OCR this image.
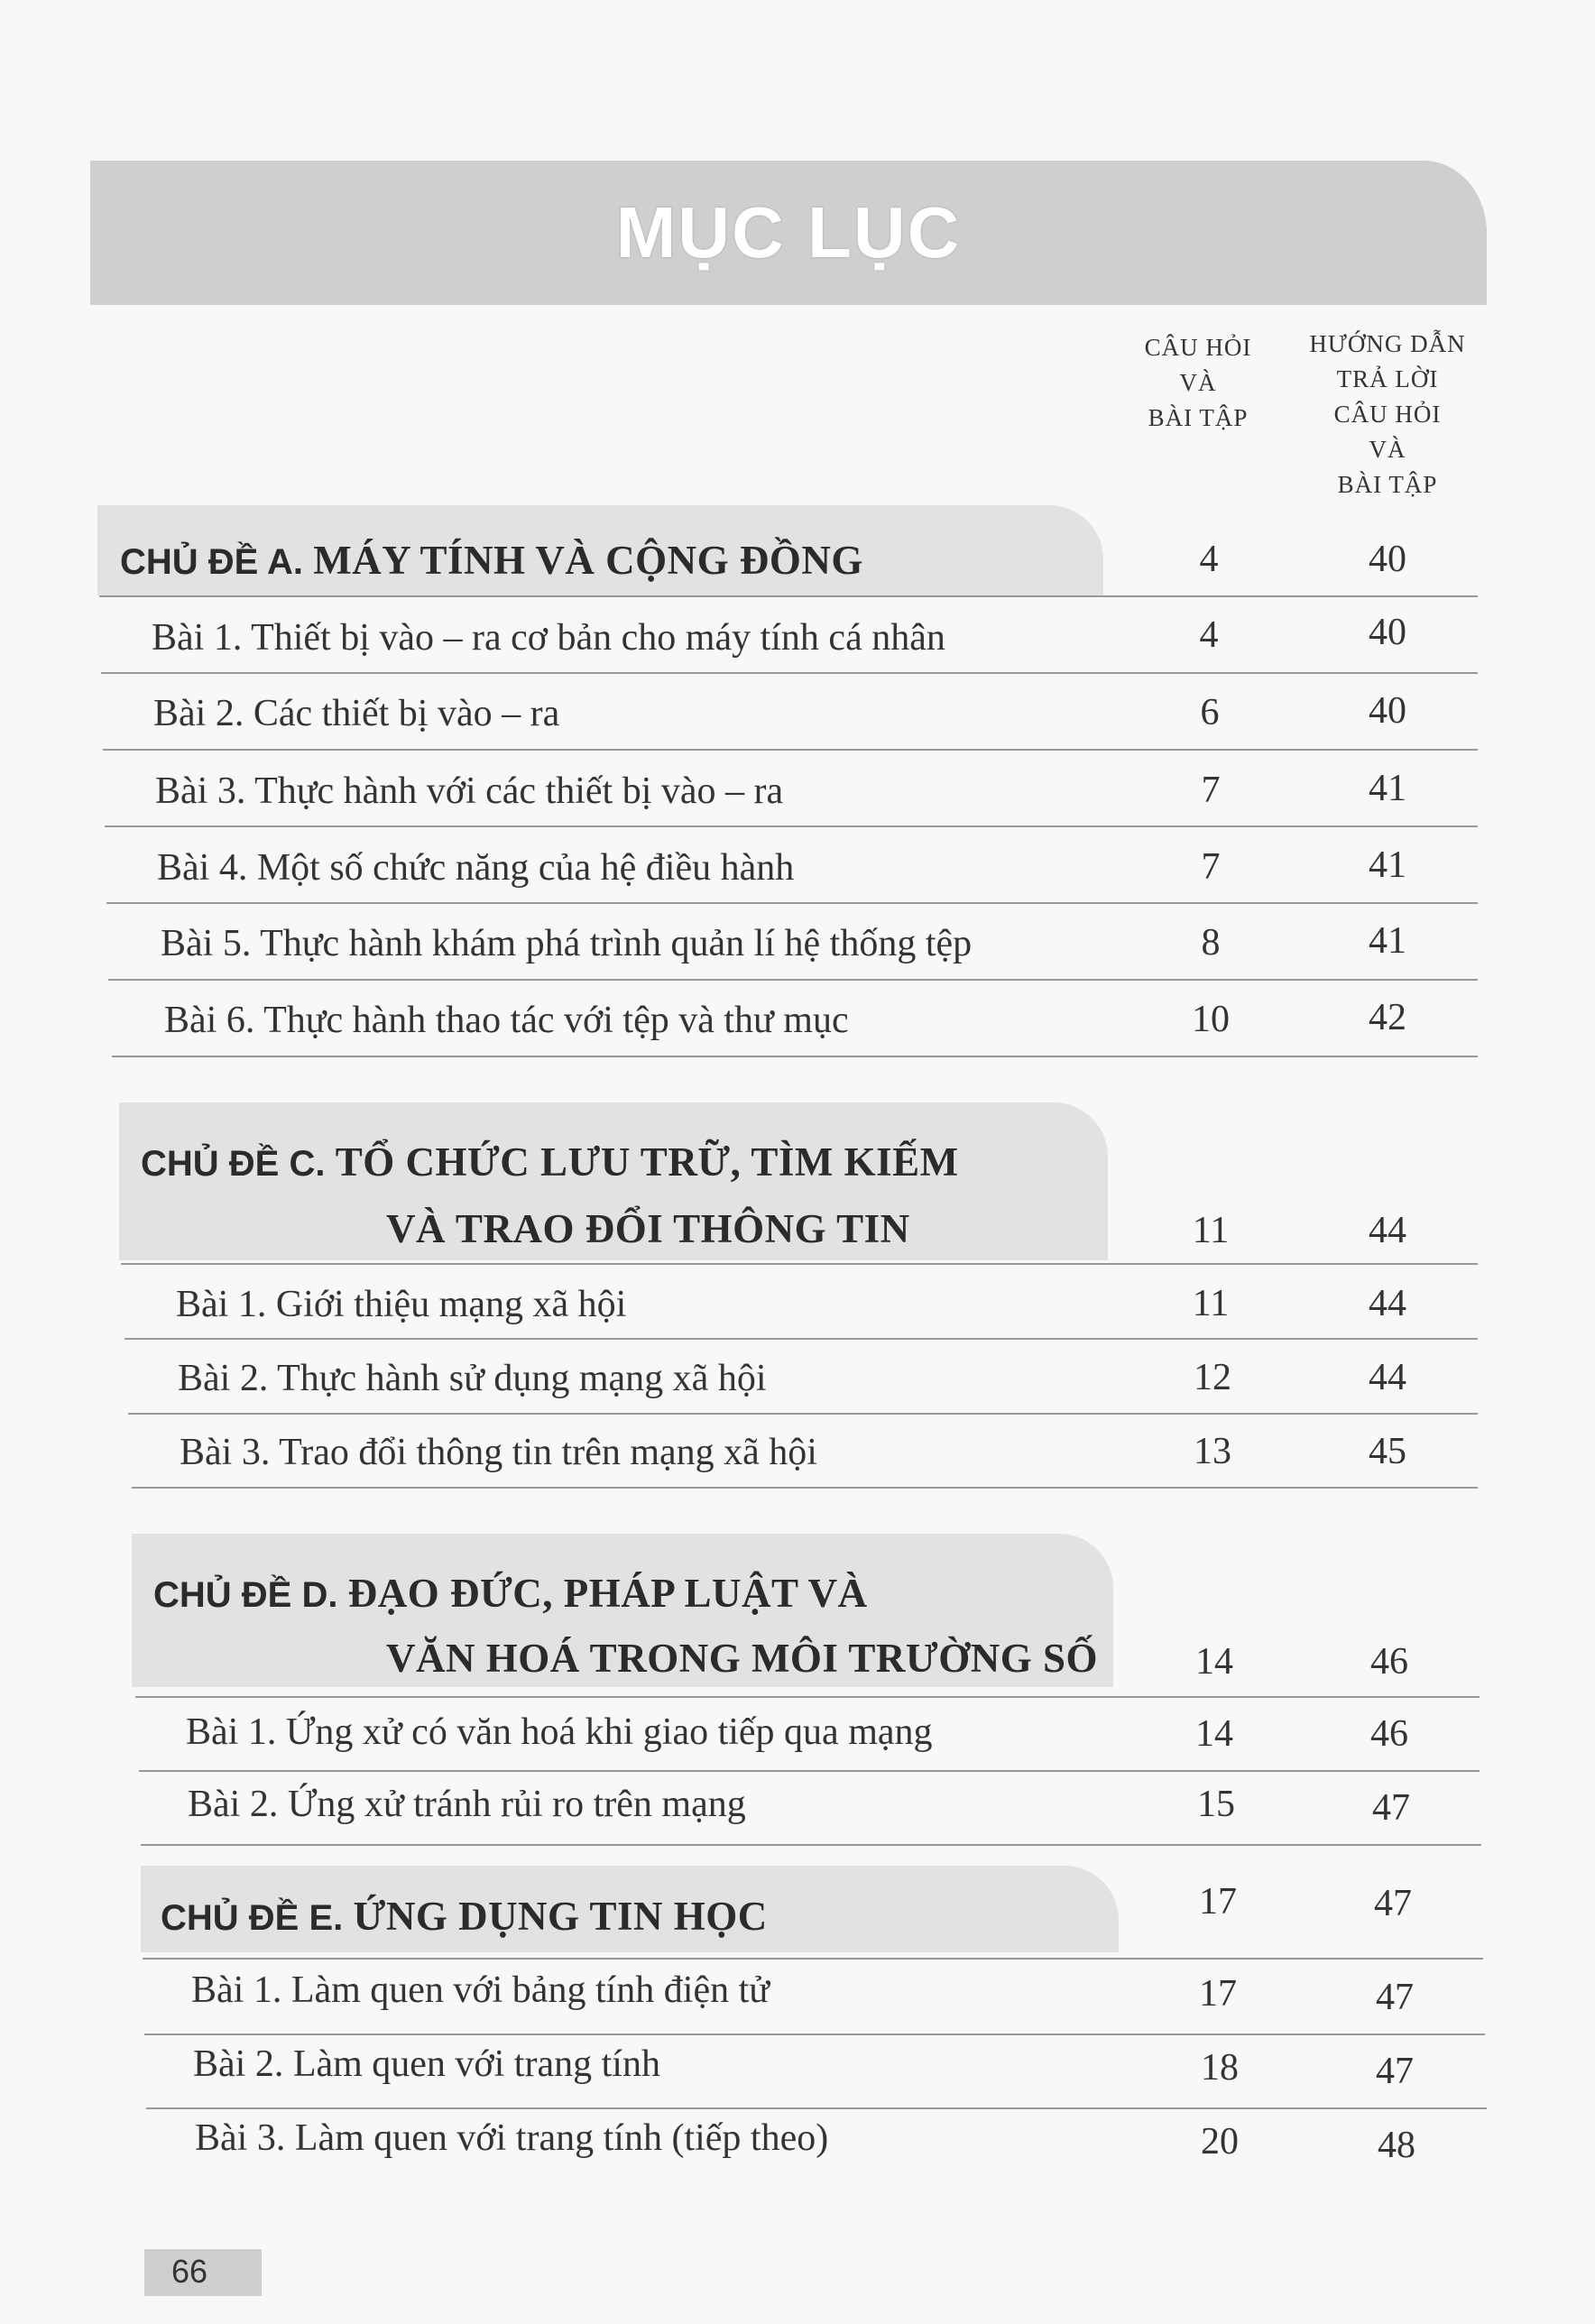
MỤC LỤC
CÂU HỎI
VÀ
BÀI TẬP
HƯỚNG DẪN
TRẢ LỜI
CÂU HỎI
VÀ
BÀI TẬP
CHỦ ĐỀ A. MÁY TÍNH VÀ CỘNG ĐỒNG	4	40
Bài 1. Thiết bị vào – ra cơ bản cho máy tính cá nhân	4	40
Bài 2. Các thiết bị vào – ra	6	40
Bài 3. Thực hành với các thiết bị vào – ra	7	41
Bài 4. Một số chức năng của hệ điều hành	7	41
Bài 5. Thực hành khám phá trình quản lí hệ thống tệp	8	41
Bài 6. Thực hành thao tác với tệp và thư mục	10	42
CHỦ ĐỀ C. TỔ CHỨC LƯU TRỮ, TÌM KIẾM
VÀ TRAO ĐỔI THÔNG TIN	11	44
Bài 1. Giới thiệu mạng xã hội	11	44
Bài 2. Thực hành sử dụng mạng xã hội	12	44
Bài 3. Trao đổi thông tin trên mạng xã hội	13	45
CHỦ ĐỀ D. ĐẠO ĐỨC, PHÁP LUẬT VÀ
VĂN HOÁ TRONG MÔI TRƯỜNG SỐ	14	46
Bài 1. Ứng xử có văn hoá khi giao tiếp qua mạng	14	46
Bài 2. Ứng xử tránh rủi ro trên mạng	15	47
CHỦ ĐỀ E. ỨNG DỤNG TIN HỌC	17	47
Bài 1. Làm quen với bảng tính điện tử	17	47
Bài 2. Làm quen với trang tính	18	47
Bài 3. Làm quen với trang tính (tiếp theo)	20	48
66
